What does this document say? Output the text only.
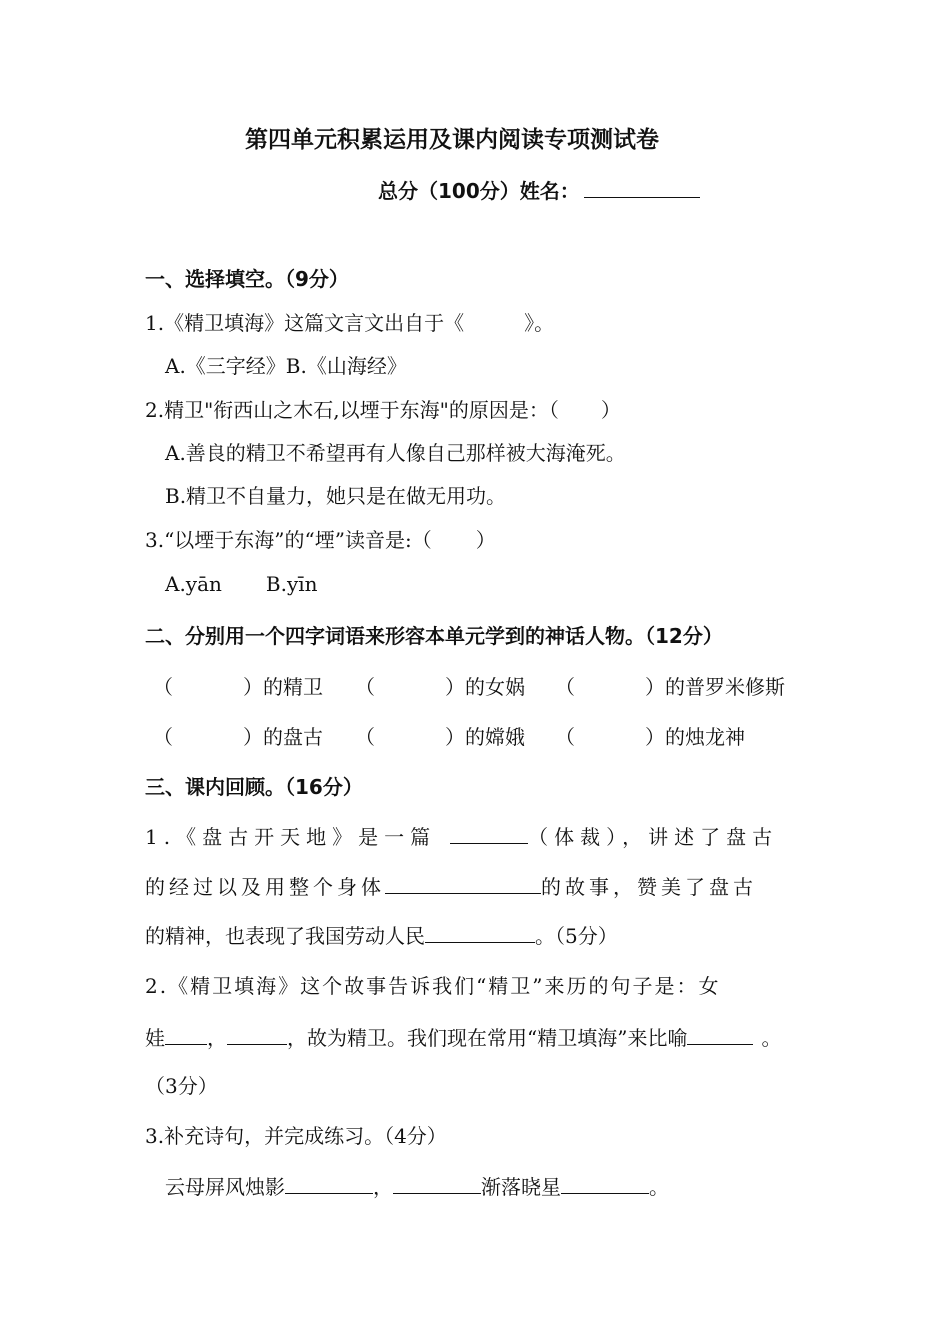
第四单元积累运用及课内阅读专项测试卷
总分（100分）姓名：
一、选择填空。（9分）
1.《精卫填海》这篇文言文出自于《	》。
A.《三字经》B.《山海经》
2.精卫"衔西山之木石,以堙于东海"的原因是：（ ）
A.善良的精卫不希望再有人像自己那样被大海淹死。
B.精卫不自量力，她只是在做无用功。
3.“以堙于东海”的“堙”读音是:（ ）
A.yān B.yīn
二、分别用一个四字词语来形容本单元学到的神话人物。（12分）
（	）的精卫 （	）的女娲 （	）的普罗米修斯
（	）的盘古 （	）的嫦娥 （	）的烛龙神
三、课内回顾。（16分）
1.《盘古开天地》是一篇	（体裁），讲述了盘古
的经过以及用整个身体	的故事，赞美了盘古
的精神，也表现了我国劳动人民	。（5分）
2.《精卫填海》这个故事告诉我们“精卫”来历的句子是：女
娃 ，	，故为精卫。我们现在常用“精卫填海”来比喻	。
（3分）
3.补充诗句，并完成练习。（4分）
云母屏风烛影	，	渐落晓星	。
